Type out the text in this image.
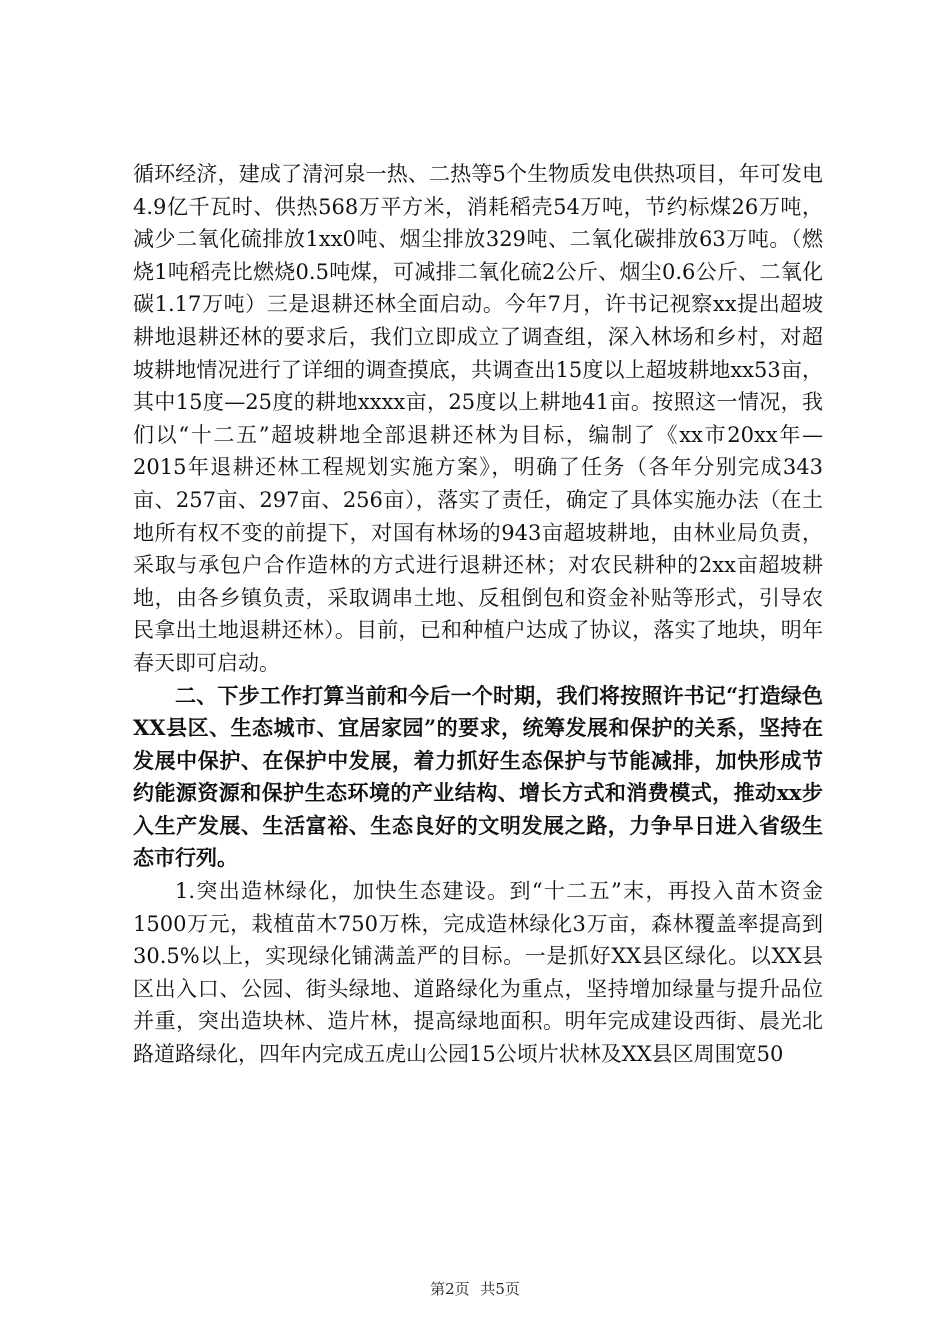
循环经济，建成了清河泉一热、二热等5个生物质发电供热项目，年可发电4.9亿千瓦时、供热568万平方米，消耗稻壳54万吨，节约标煤26万吨，减少二氧化硫排放1xx0吨、烟尘排放329吨、二氧化碳排放63万吨。（燃烧1吨稻壳比燃烧0.5吨煤，可减排二氧化硫2公斤、烟尘0.6公斤、二氧化碳1.17万吨）三是退耕还林全面启动。今年7月，许书记视察xx提出超坡耕地退耕还林的要求后，我们立即成立了调查组，深入林场和乡村，对超坡耕地情况进行了详细的调查摸底，共调查出15度以上超坡耕地xx53亩，其中15度—25度的耕地xxxx亩，25度以上耕地41亩。按照这一情况，我们以“十二五”超坡耕地全部退耕还林为目标，编制了《xx市20xx年—2015年退耕还林工程规划实施方案》，明确了任务（各年分别完成343亩、257亩、297亩、256亩），落实了责任，确定了具体实施办法（在土地所有权不变的前提下，对国有林场的943亩超坡耕地，由林业局负责，采取与承包户合作造林的方式进行退耕还林；对农民耕种的2xx亩超坡耕地，由各乡镇负责，采取调串土地、反租倒包和资金补贴等形式，引导农民拿出土地退耕还林）。目前，已和种植户达成了协议，落实了地块，明年春天即可启动。

二、下步工作打算当前和今后一个时期，我们将按照许书记“打造绿色XX县区、生态城市、宜居家园”的要求，统筹发展和保护的关系，坚持在发展中保护、在保护中发展，着力抓好生态保护与节能减排，加快形成节约能源资源和保护生态环境的产业结构、增长方式和消费模式，推动xx步入生产发展、生活富裕、生态良好的文明发展之路，力争早日进入省级生态市行列。

1.突出造林绿化，加快生态建设。到“十二五”末，再投入苗木资金1500万元，栽植苗木750万株，完成造林绿化3万亩，森林覆盖率提高到30.5%以上，实现绿化铺满盖严的目标。一是抓好XX县区绿化。以XX县区出入口、公园、街头绿地、道路绿化为重点，坚持增加绿量与提升品位并重，突出造块林、造片林，提高绿地面积。明年完成建设西街、晨光北路道路绿化，四年内完成五虎山公园15公顷片状林及XX县区周围宽50

第2页 共5页
